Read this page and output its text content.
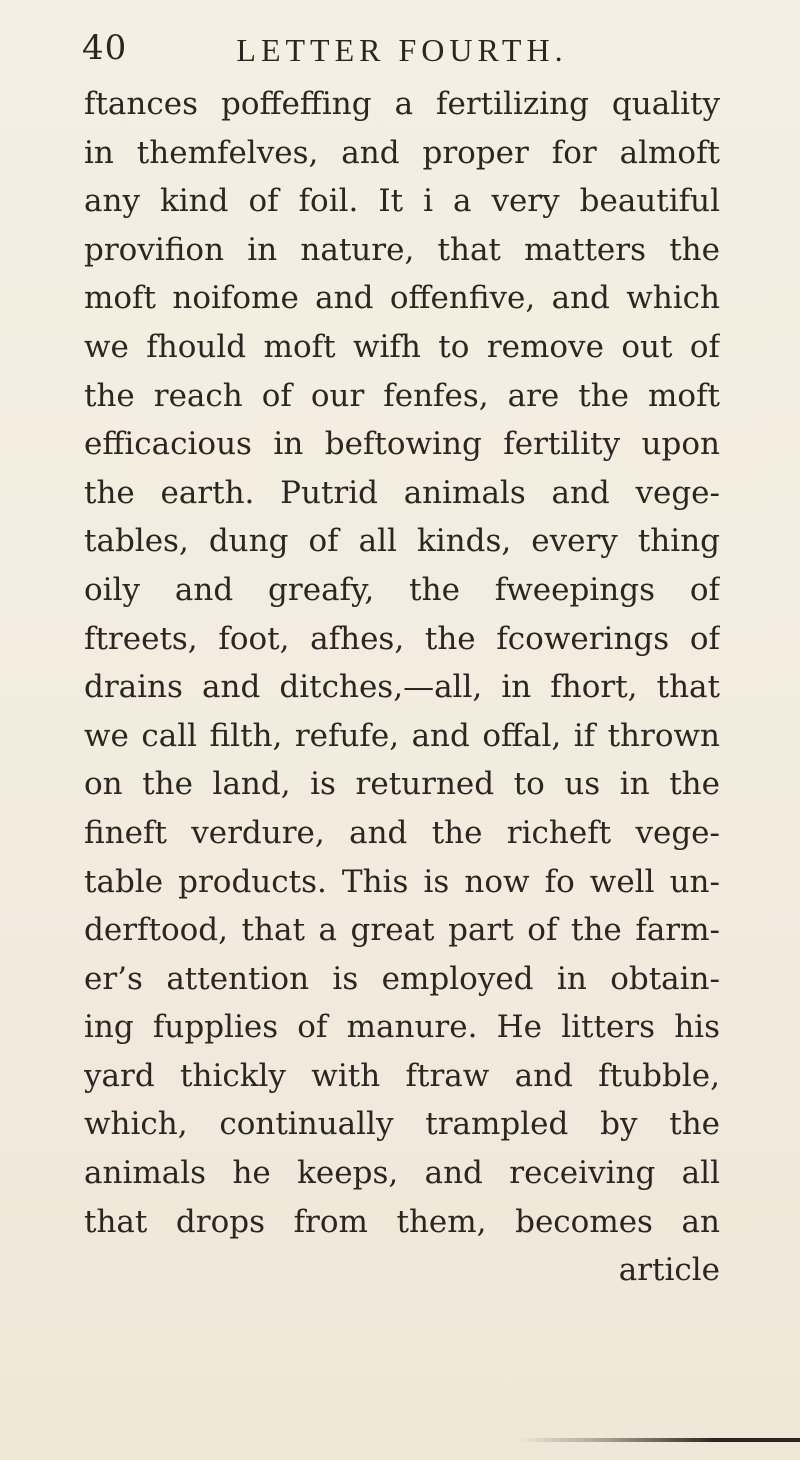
40	LETTER FOURTH.
ftances poffeffing a fertilizing quality
in themfelves, and proper for almoft
any kind of foil. It i a very beautiful
provifion in nature, that matters the
moft noifome and offenfive, and which
we fhould moft wifh to remove out of
the reach of our fenfes, are the moft
efficacious in beftowing fertility upon
the earth. Putrid animals and vege-
tables, dung of all kinds, every thing
oily and greafy, the fweepings of
ftreets, foot, afhes, the fcowerings of
drains and ditches,—all, in fhort, that
we call filth, refufe, and offal, if thrown
on the land, is returned to us in the
fineft verdure, and the richeft vege-
table products. This is now fo well un-
derftood, that a great part of the farm-
er’s attention is employed in obtain-
ing fupplies of manure. He litters his
yard thickly with ftraw and ftubble,
which, continually trampled by the
animals he keeps, and receiving all
that drops from them, becomes an
article
